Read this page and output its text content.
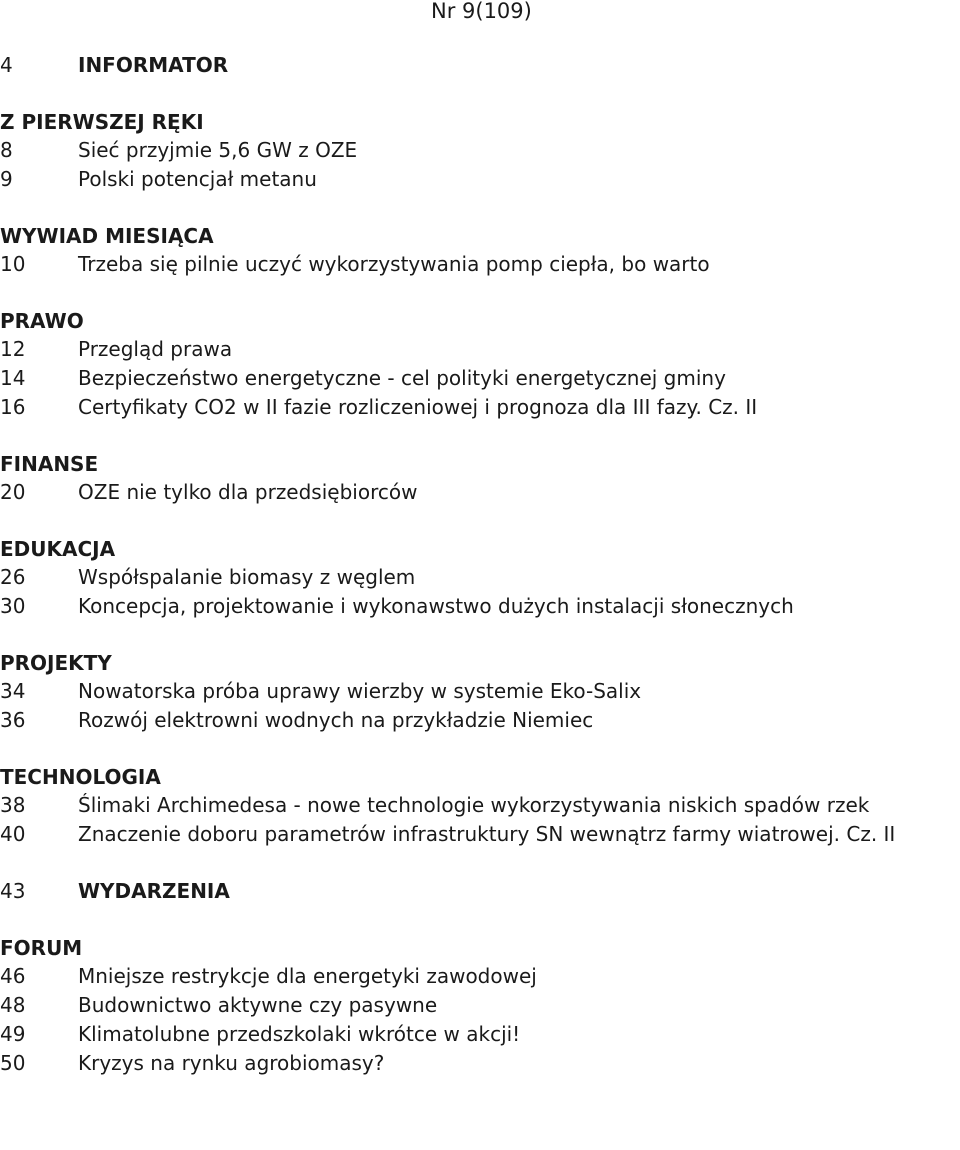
Nr 9(109)
4	INFORMATOR
Z PIERWSZEJ RĘKI
8	Sieć przyjmie 5,6 GW z OZE
9	Polski potencjał metanu
WYWIAD MIESIĄCA
10	Trzeba się pilnie uczyć wykorzystywania pomp ciepła, bo warto
PRAWO
12	Przegląd prawa
14	Bezpieczeństwo energetyczne - cel polityki energetycznej gminy
16	Certyfikaty CO2 w II fazie rozliczeniowej i prognoza dla III fazy. Cz. II
FINANSE
20	OZE nie tylko dla przedsiębiorców
EDUKACJA
26	Współspalanie biomasy z węglem
30	Koncepcja, projektowanie i wykonawstwo dużych instalacji słonecznych
PROJEKTY
34	Nowatorska próba uprawy wierzby w systemie Eko-Salix
36	Rozwój elektrowni wodnych na przykładzie Niemiec
TECHNOLOGIA
38	Ślimaki Archimedesa - nowe technologie wykorzystywania niskich spadów rzek
40	Znaczenie doboru parametrów infrastruktury SN wewnątrz farmy wiatrowej. Cz. II
43	WYDARZENIA
FORUM
46	Mniejsze restrykcje dla energetyki zawodowej
48	Budownictwo aktywne czy pasywne
49	Klimatolubne przedszkolaki wkrótce w akcji!
50	Kryzys na rynku agrobiomasy?
